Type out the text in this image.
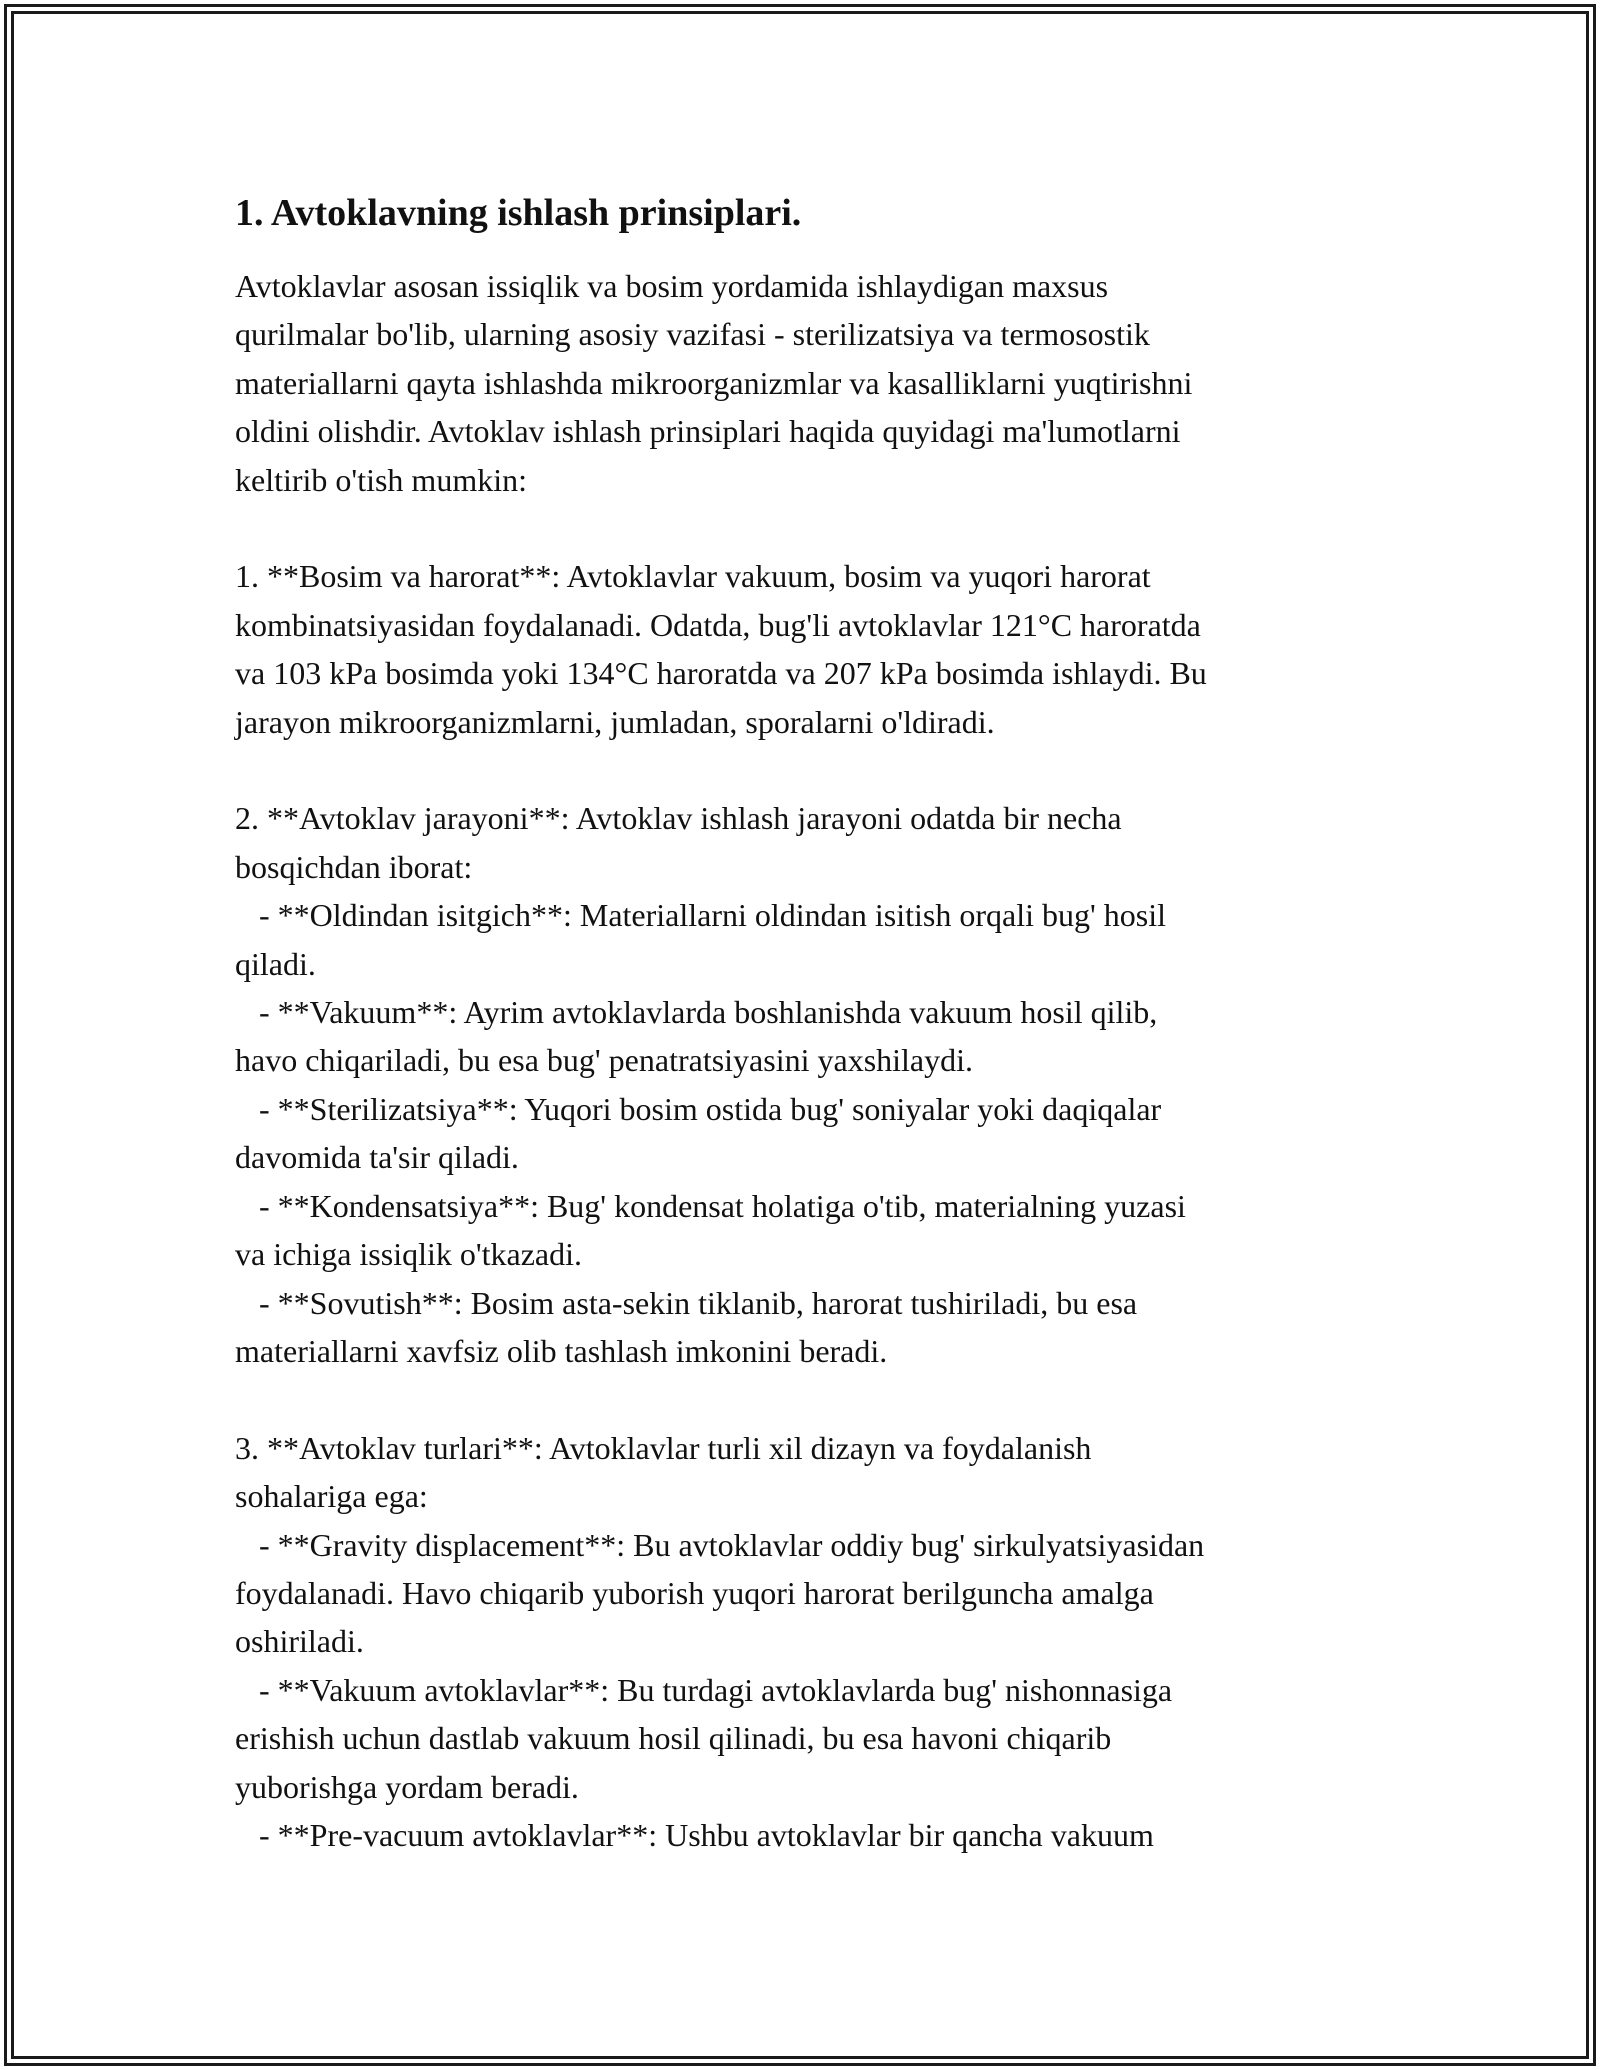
1. Avtoklavning ishlash prinsiplari.

Avtoklavlar asosan issiqlik va bosim yordamida ishlaydigan maxsus
qurilmalar bo'lib, ularning asosiy vazifasi - sterilizatsiya va termosostik
materiallarni qayta ishlashda mikroorganizmlar va kasalliklarni yuqtirishni
oldini olishdir. Avtoklav ishlash prinsiplari haqida quyidagi ma'lumotlarni
keltirib o'tish mumkin:

1. **Bosim va harorat**: Avtoklavlar vakuum, bosim va yuqori harorat
kombinatsiyasidan foydalanadi. Odatda, bug'li avtoklavlar 121°C haroratda
va 103 kPa bosimda yoki 134°C haroratda va 207 kPa bosimda ishlaydi. Bu
jarayon mikroorganizmlarni, jumladan, sporalarni o'ldiradi.

2. **Avtoklav jarayoni**: Avtoklav ishlash jarayoni odatda bir necha
bosqichdan iborat:
- **Oldindan isitgich**: Materiallarni oldindan isitish orqali bug' hosil
qiladi.
- **Vakuum**: Ayrim avtoklavlarda boshlanishda vakuum hosil qilib,
havo chiqariladi, bu esa bug' penatratsiyasini yaxshilaydi.
- **Sterilizatsiya**: Yuqori bosim ostida bug' soniyalar yoki daqiqalar
davomida ta'sir qiladi.
- **Kondensatsiya**: Bug' kondensat holatiga o'tib, materialning yuzasi
va ichiga issiqlik o'tkazadi.
- **Sovutish**: Bosim asta-sekin tiklanib, harorat tushiriladi, bu esa
materiallarni xavfsiz olib tashlash imkonini beradi.

3. **Avtoklav turlari**: Avtoklavlar turli xil dizayn va foydalanish
sohalariga ega:
- **Gravity displacement**: Bu avtoklavlar oddiy bug' sirkulyatsiyasidan
foydalanadi. Havo chiqarib yuborish yuqori harorat berilguncha amalga
oshiriladi.
- **Vakuum avtoklavlar**: Bu turdagi avtoklavlarda bug' nishonnasiga
erishish uchun dastlab vakuum hosil qilinadi, bu esa havoni chiqarib
yuborishga yordam beradi.
- **Pre-vacuum avtoklavlar**: Ushbu avtoklavlar bir qancha vakuum
